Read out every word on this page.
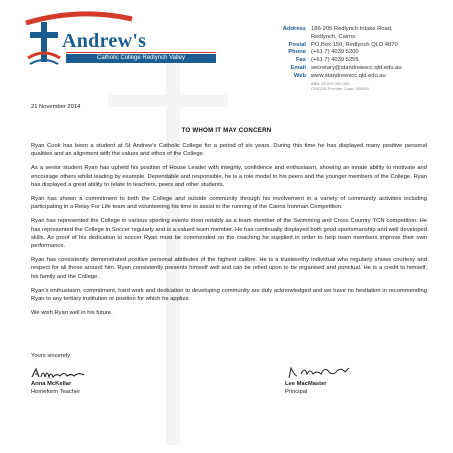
Andrew's
Catholic College Redlynch Valley
Address 186-205 Redlynch Intake Road,
Redlynch, Cairns
Postal PO Box 150, Redlynch QLD 4870
Phone (+61 7) 4039 5200
Fax (+61 7) 4039 5255
Email secretary@standrewscc.qld.edu.au
Web www.standrewscc.qld.edu.au
ABN: 00 000 000 000
CRICOS Provider Code: 000000
21 November 2014
TO WHOM IT MAY CONCERN

Ryan Cook has been a student at St Andrew's Catholic College for a period of six years. During this time he has displayed many positive personal qualities and an alignment with the values and ethos of the College.

As a senior student Ryan has upheld his position of House Leader with integrity, confidence and enthusiasm, showing an innate ability to motivate and encourage others whilst leading by example. Dependable and responsible, he is a role model to his peers and the younger members of the College. Ryan has displayed a great ability to relate to teachers, peers and other students.

Ryan has shown a commitment to both the College and outside community through his involvement in a variety of community activities including participating in a Relay For Life team and volunteering his time to assist in the running of the Cairns Ironman Competition.

Ryan has represented the College in various sporting events most notably as a team member of the Swimming and Cross Country TCN competition. He has represented the College in Soccer regularly and is a valued team member. He has continually displayed both good sportsmanship and well developed skills. As proof of his dedication to soccer Ryan must be commended on the coaching he supplied in order to help team members improve their own performance.

Ryan has consistently demonstrated positive personal attributes of the highest calibre. He is a trustworthy individual who regularly shows courtesy and respect for all those around him. Ryan consistently presents himself well and can be relied upon to be organised and punctual. He is a credit to himself, his family and the College.

Ryan's enthusiasm, commitment, hard work and dedication to developing community are duly acknowledged and we have no hesitation in recommending Ryan to any tertiary institution or position for which he applies.

We wish Ryan well in his future.

Yours sincerely
Anna McKellar
Homeform Teacher
Lee MacMaster
Principal
